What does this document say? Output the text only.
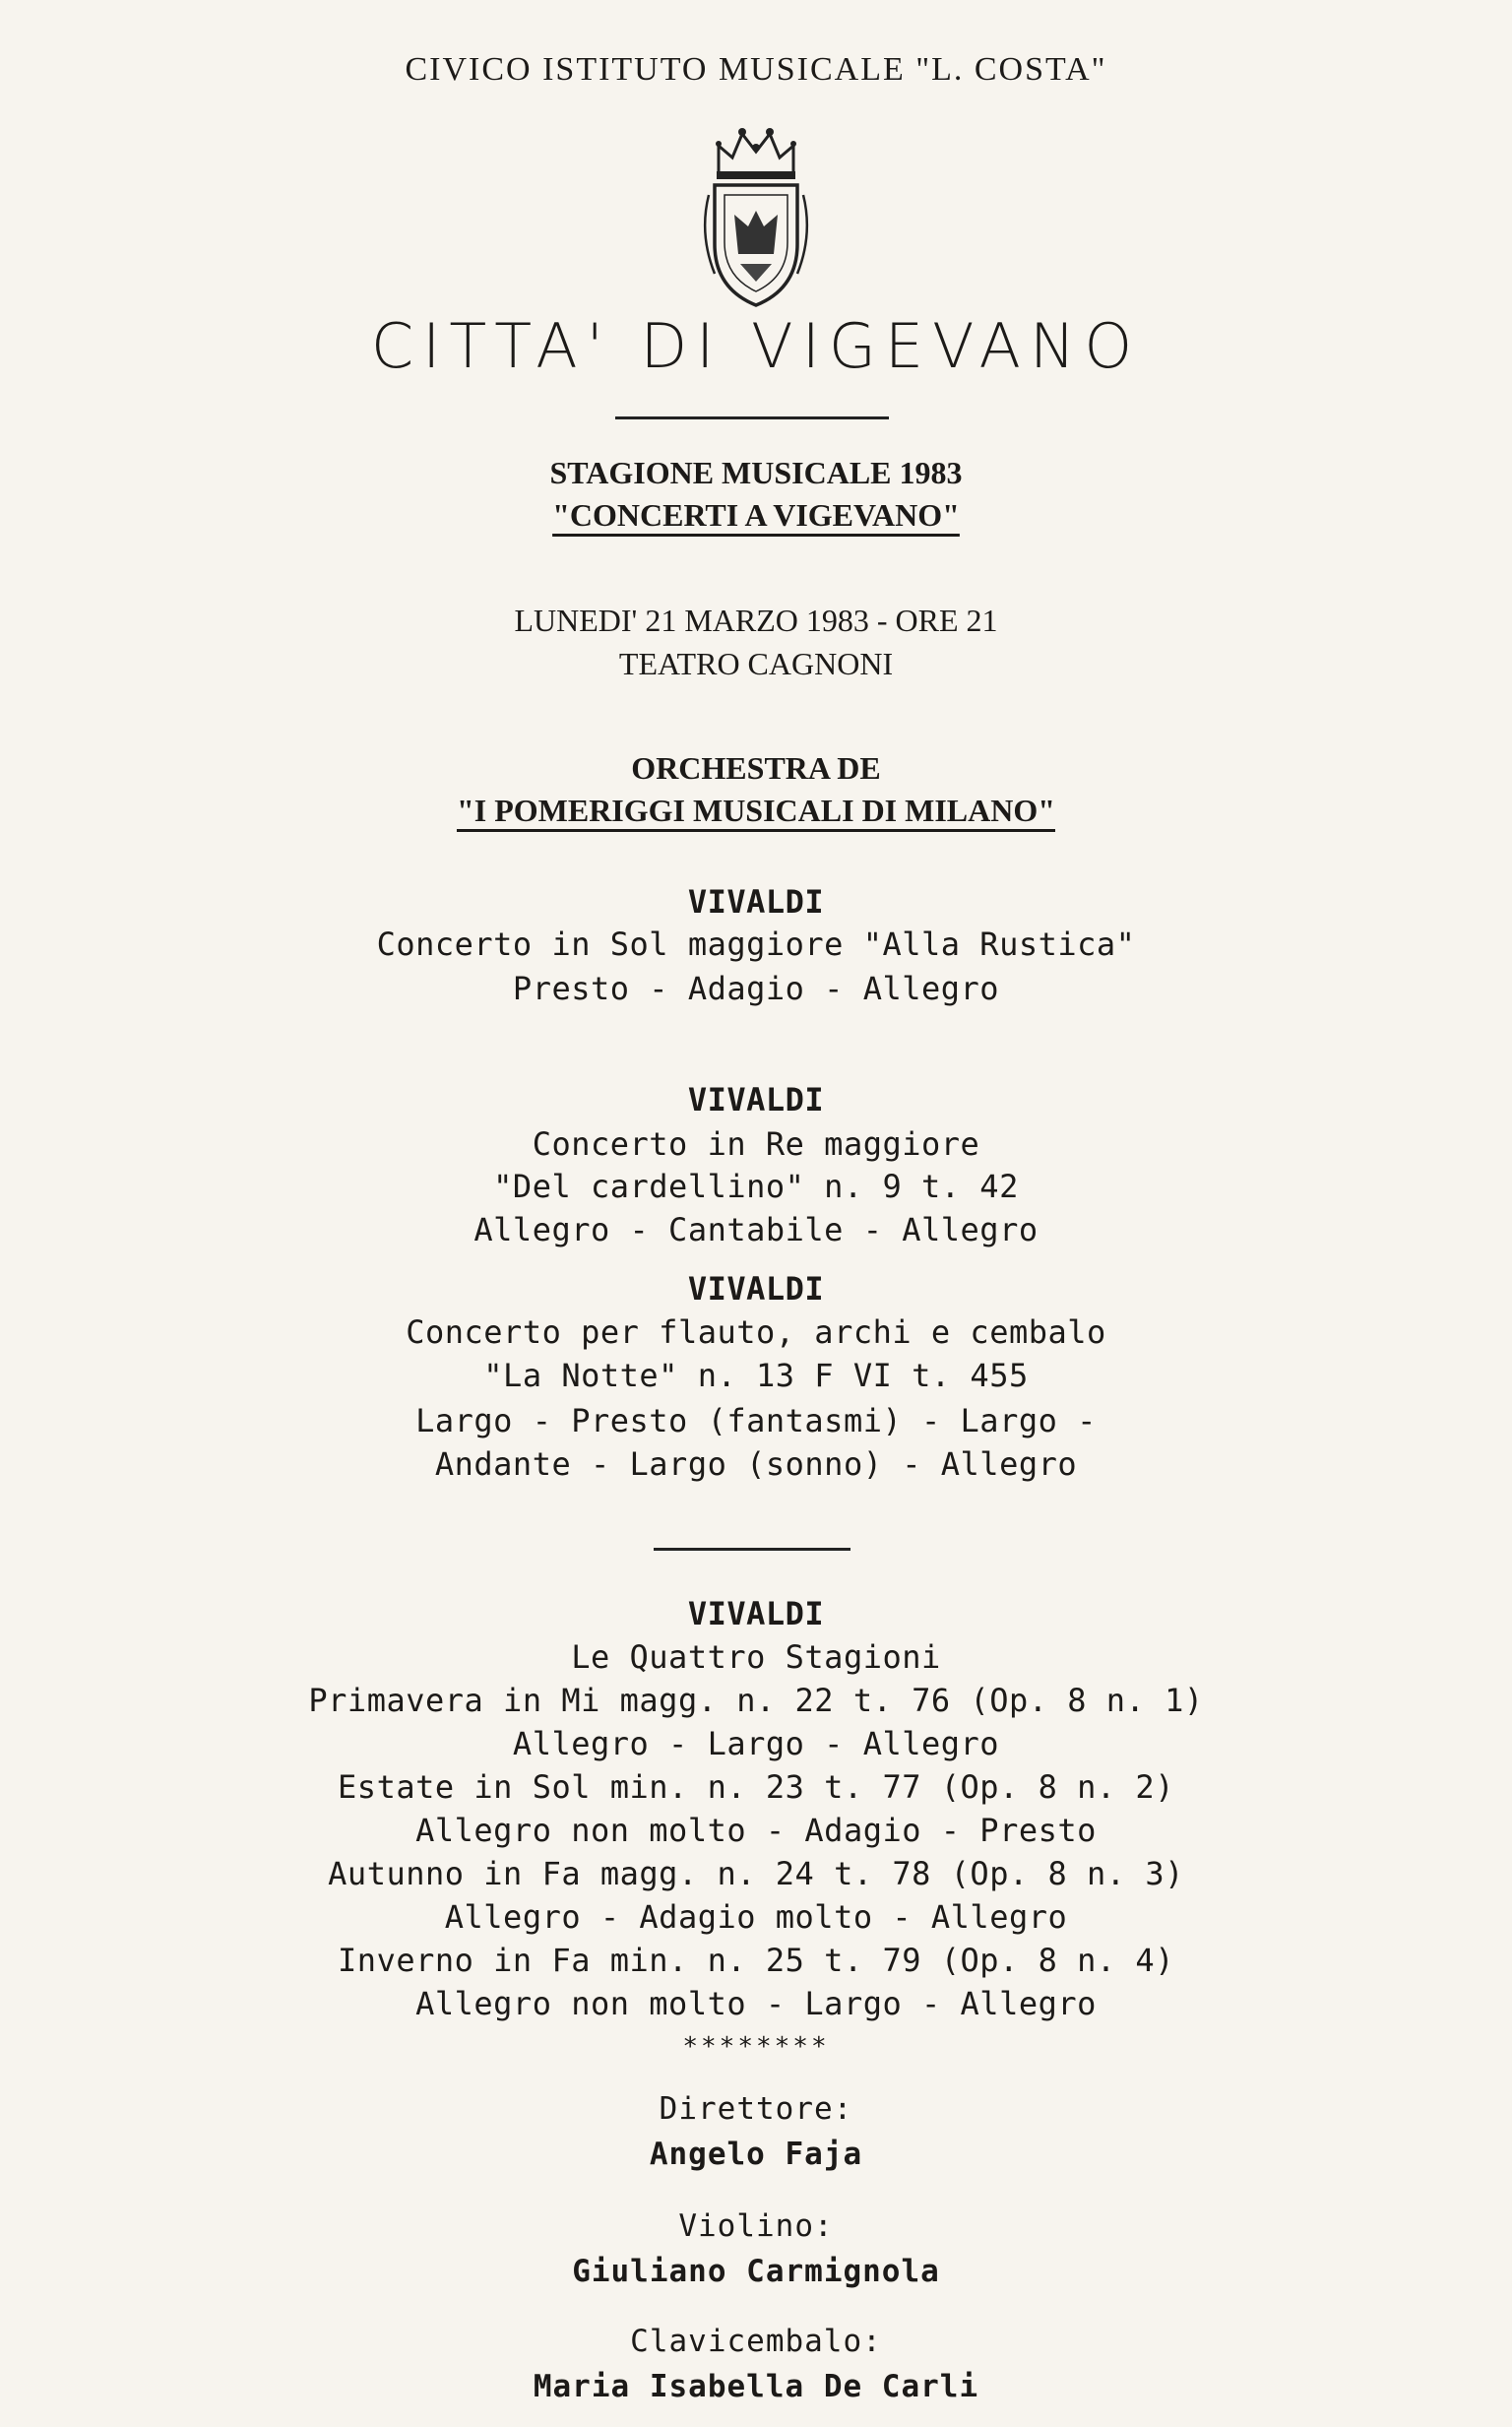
CIVICO ISTITUTO MUSICALE "L. COSTA"
CITTA' DI VIGEVANO
STAGIONE MUSICALE 1983
"CONCERTI A VIGEVANO"
LUNEDI' 21 MARZO 1983 - ORE 21
TEATRO CAGNONI
ORCHESTRA DE
"I POMERIGGI MUSICALI DI MILANO"
VIVALDI
Concerto in Sol maggiore "Alla Rustica"
Presto - Adagio - Allegro
VIVALDI
Concerto in Re maggiore
"Del cardellino" n. 9 t. 42
Allegro - Cantabile - Allegro
VIVALDI
Concerto per flauto, archi e cembalo
"La Notte" n. 13 F VI t. 455
Largo - Presto (fantasmi) - Largo -
Andante - Largo (sonno) - Allegro
VIVALDI
Le Quattro Stagioni
Primavera in Mi magg. n. 22 t. 76 (Op. 8 n. 1)
Allegro - Largo - Allegro
Estate in Sol min. n. 23 t. 77 (Op. 8 n. 2)
Allegro non molto - Adagio - Presto
Autunno in Fa magg. n. 24 t. 78 (Op. 8 n. 3)
Allegro - Adagio molto - Allegro
Inverno in Fa min. n. 25 t. 79 (Op. 8 n. 4)
Allegro non molto - Largo - Allegro
********
Direttore:
Angelo Faja
Violino:
Giuliano Carmignola
Clavicembalo:
Maria Isabella De Carli
